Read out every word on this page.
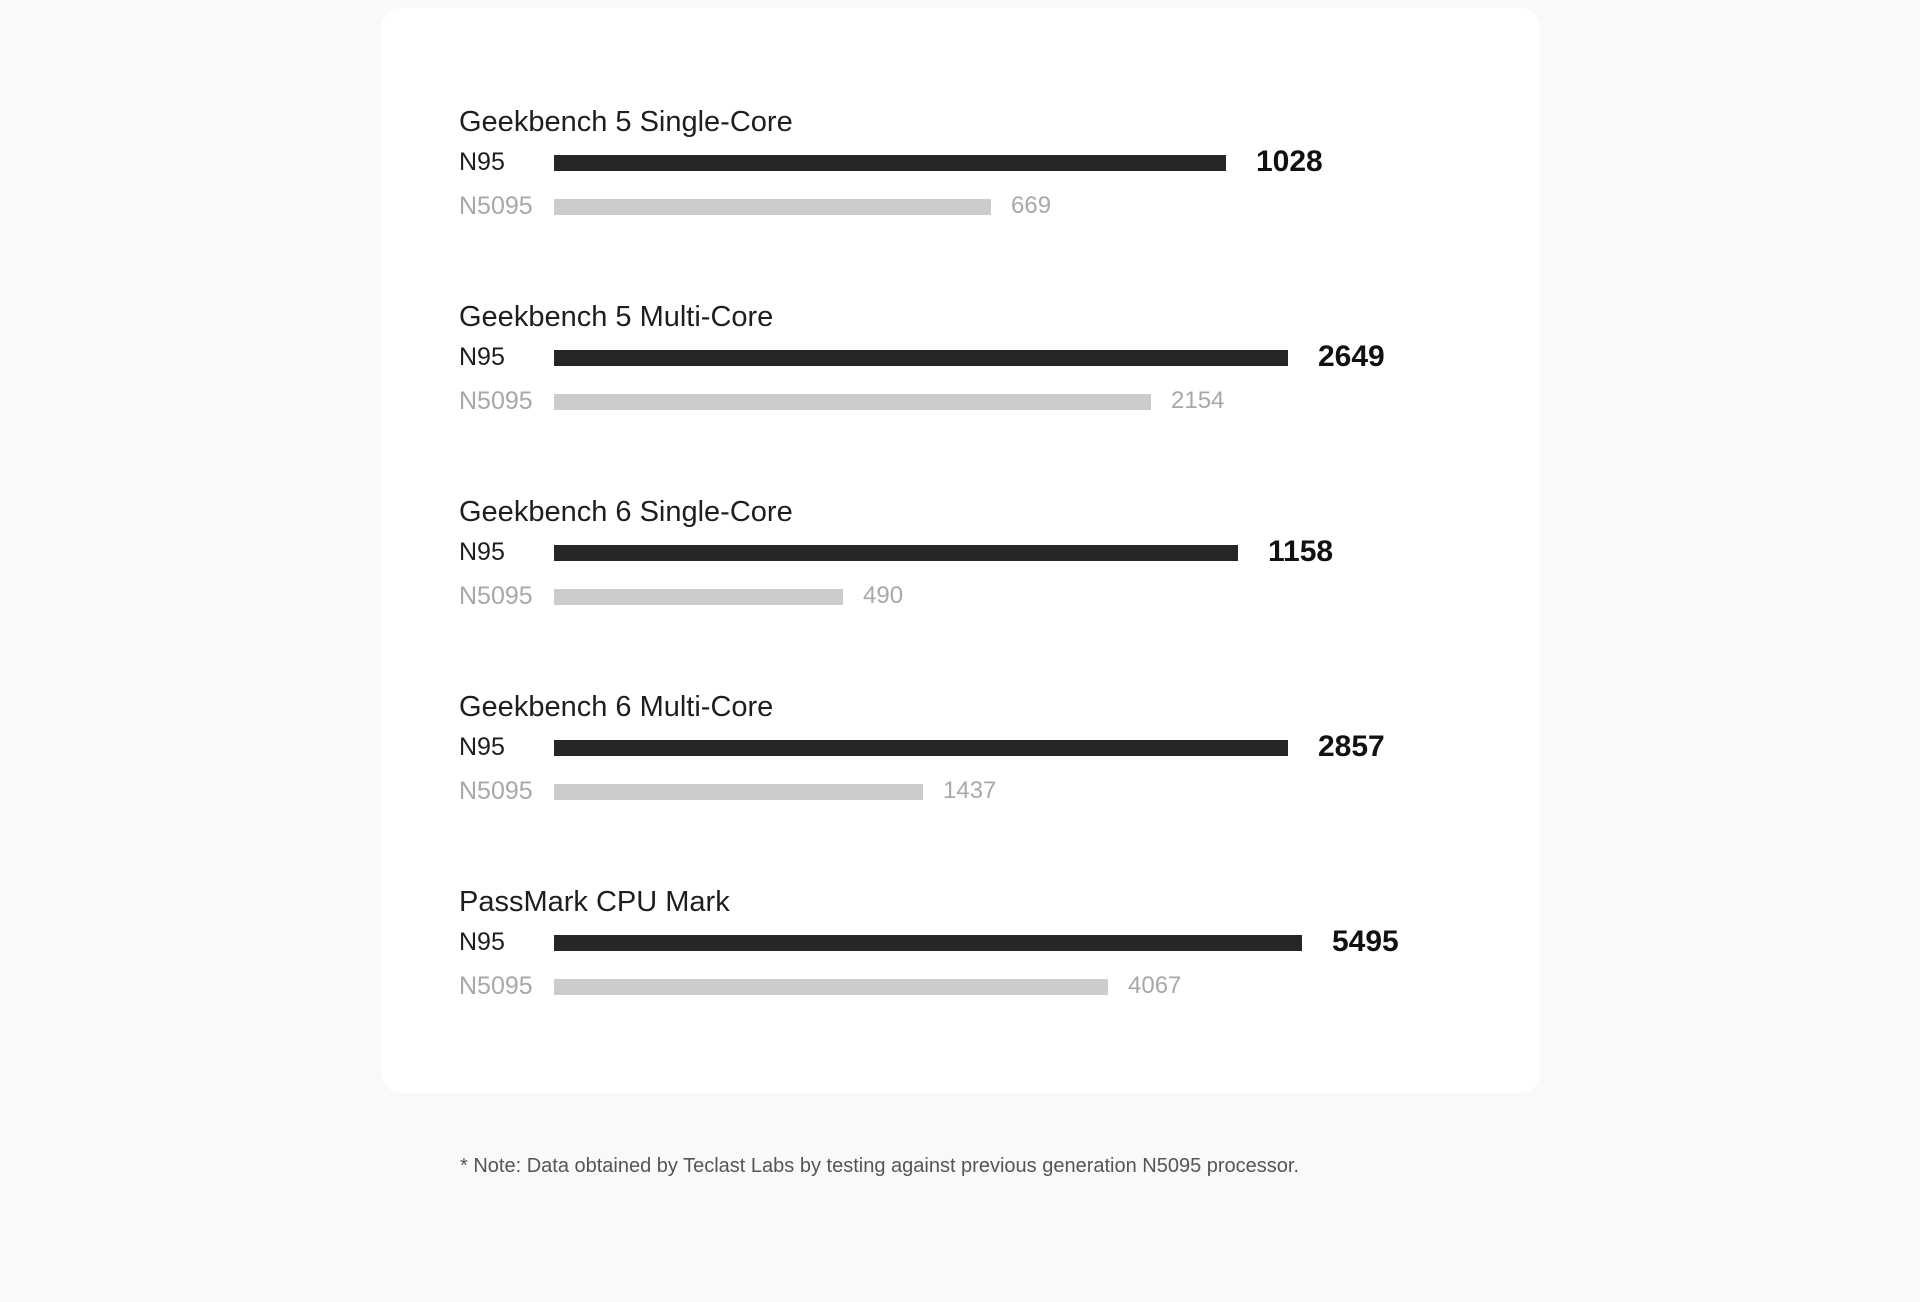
Geekbench 5 Single-Core
N95	1028
N5095	669
Geekbench 5 Multi-Core
N95	2649
N5095	2154
Geekbench 6 Single-Core
N95	1158
N5095	490
Geekbench 6 Multi-Core
N95	2857
N5095	1437
PassMark CPU Mark
N95	5495
N5095	4067
* Note: Data obtained by Teclast Labs by testing against previous generation N5095 processor.
